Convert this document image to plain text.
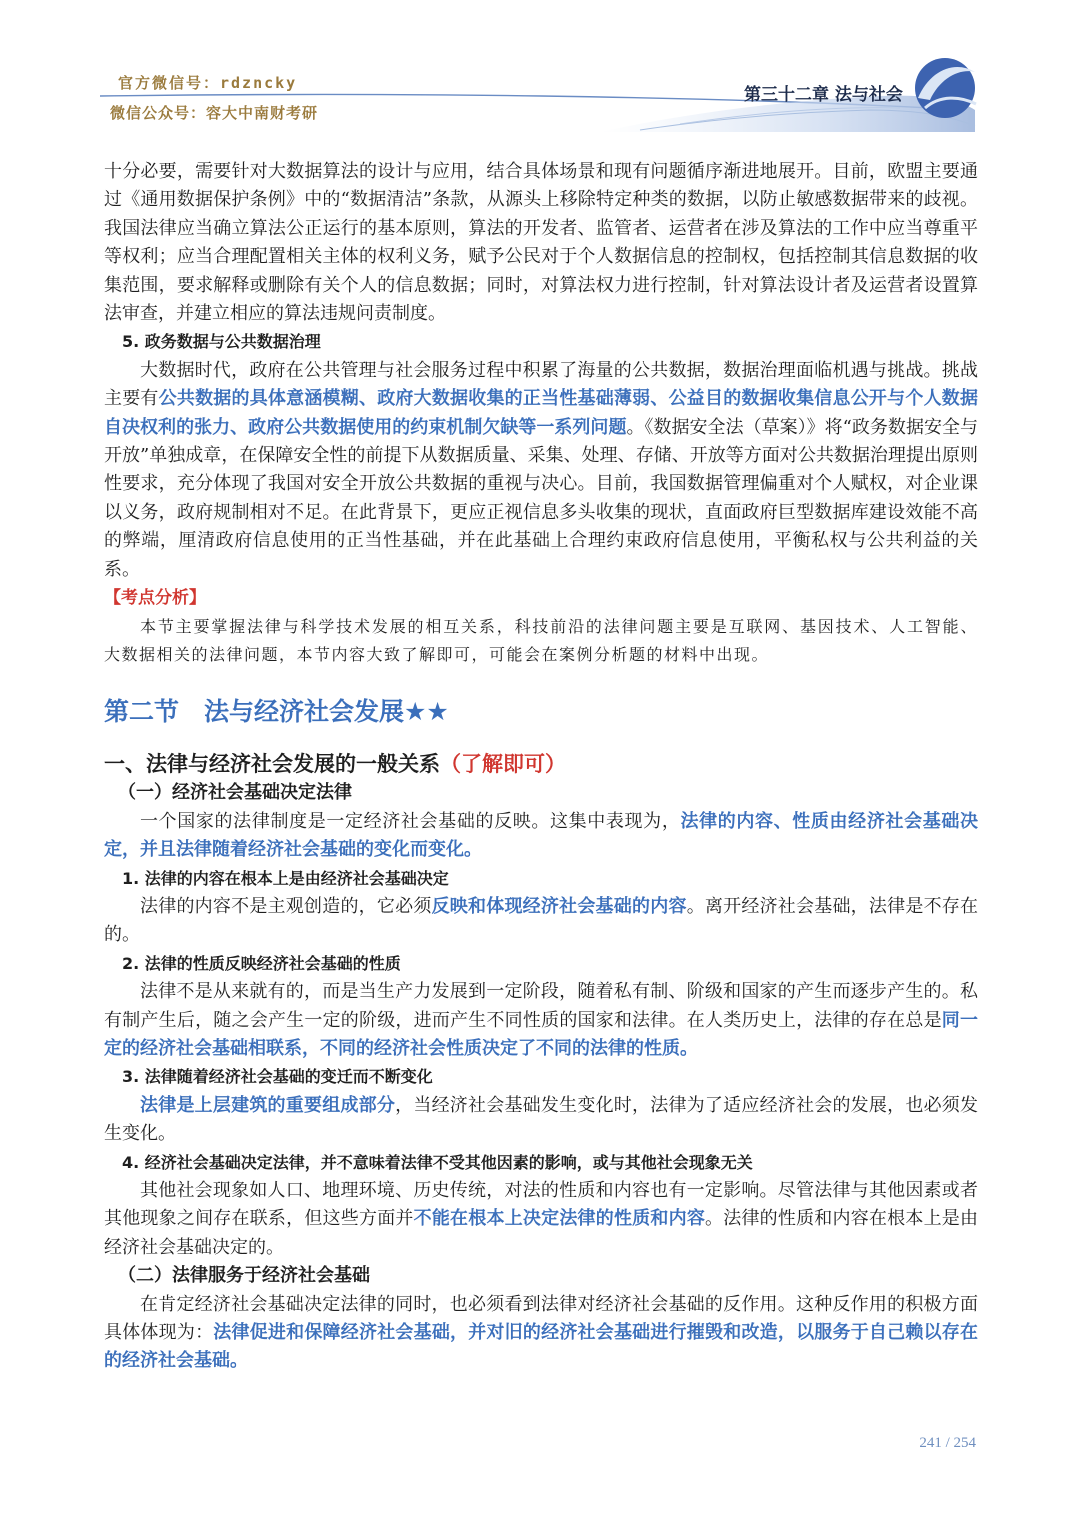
官方微信号：rdzncky
微信公众号：容大中南财考研
第三十二章 法与社会

十分必要，需要针对大数据算法的设计与应用，结合具体场景和现有问题循序渐进地展开。目前，欧盟主要通过《通用数据保护条例》中的“数据清洁”条款，从源头上移除特定种类的数据，以防止敏感数据带来的歧视。我国法律应当确立算法公正运行的基本原则，算法的开发者、监管者、运营者在涉及算法的工作中应当尊重平等权利；应当合理配置相关主体的权利义务，赋予公民对于个人数据信息的控制权，包括控制其信息数据的收集范围，要求解释或删除有关个人的信息数据；同时，对算法权力进行控制，针对算法设计者及运营者设置算法审查，并建立相应的算法违规问责制度。

5. 政务数据与公共数据治理

大数据时代，政府在公共管理与社会服务过程中积累了海量的公共数据，数据治理面临机遇与挑战。挑战主要有公共数据的具体意涵模糊、政府大数据收集的正当性基础薄弱、公益目的数据收集信息公开与个人数据自决权利的张力、政府公共数据使用的约束机制欠缺等一系列问题。《数据安全法（草案）》将“政务数据安全与开放”单独成章，在保障安全性的前提下从数据质量、采集、处理、存储、开放等方面对公共数据治理提出原则性要求，充分体现了我国对安全开放公共数据的重视与决心。目前，我国数据管理偏重对个人赋权，对企业课以义务，政府规制相对不足。在此背景下，更应正视信息多头收集的现状，直面政府巨型数据库建设效能不高的弊端，厘清政府信息使用的正当性基础，并在此基础上合理约束政府信息使用，平衡私权与公共利益的关系。

【考点分析】

本节主要掌握法律与科学技术发展的相互关系，科技前沿的法律问题主要是互联网、基因技术、人工智能、大数据相关的法律问题，本节内容大致了解即可，可能会在案例分析题的材料中出现。

第二节　法与经济社会发展★★

一、法律与经济社会发展的一般关系（了解即可）

（一）经济社会基础决定法律

一个国家的法律制度是一定经济社会基础的反映。这集中表现为，法律的内容、性质由经济社会基础决定，并且法律随着经济社会基础的变化而变化。

1. 法律的内容在根本上是由经济社会基础决定

法律的内容不是主观创造的，它必须反映和体现经济社会基础的内容。离开经济社会基础，法律是不存在的。

2. 法律的性质反映经济社会基础的性质

法律不是从来就有的，而是当生产力发展到一定阶段，随着私有制、阶级和国家的产生而逐步产生的。私有制产生后，随之会产生一定的阶级，进而产生不同性质的国家和法律。在人类历史上，法律的存在总是同一定的经济社会基础相联系，不同的经济社会性质决定了不同的法律的性质。

3. 法律随着经济社会基础的变迁而不断变化

法律是上层建筑的重要组成部分，当经济社会基础发生变化时，法律为了适应经济社会的发展，也必须发生变化。

4. 经济社会基础决定法律，并不意味着法律不受其他因素的影响，或与其他社会现象无关

其他社会现象如人口、地理环境、历史传统，对法的性质和内容也有一定影响。尽管法律与其他因素或者其他现象之间存在联系，但这些方面并不能在根本上决定法律的性质和内容。法律的性质和内容在根本上是由经济社会基础决定的。

（二）法律服务于经济社会基础

在肯定经济社会基础决定法律的同时，也必须看到法律对经济社会基础的反作用。这种反作用的积极方面具体体现为：法律促进和保障经济社会基础，并对旧的经济社会基础进行摧毁和改造，以服务于自己赖以存在的经济社会基础。

241 / 254
